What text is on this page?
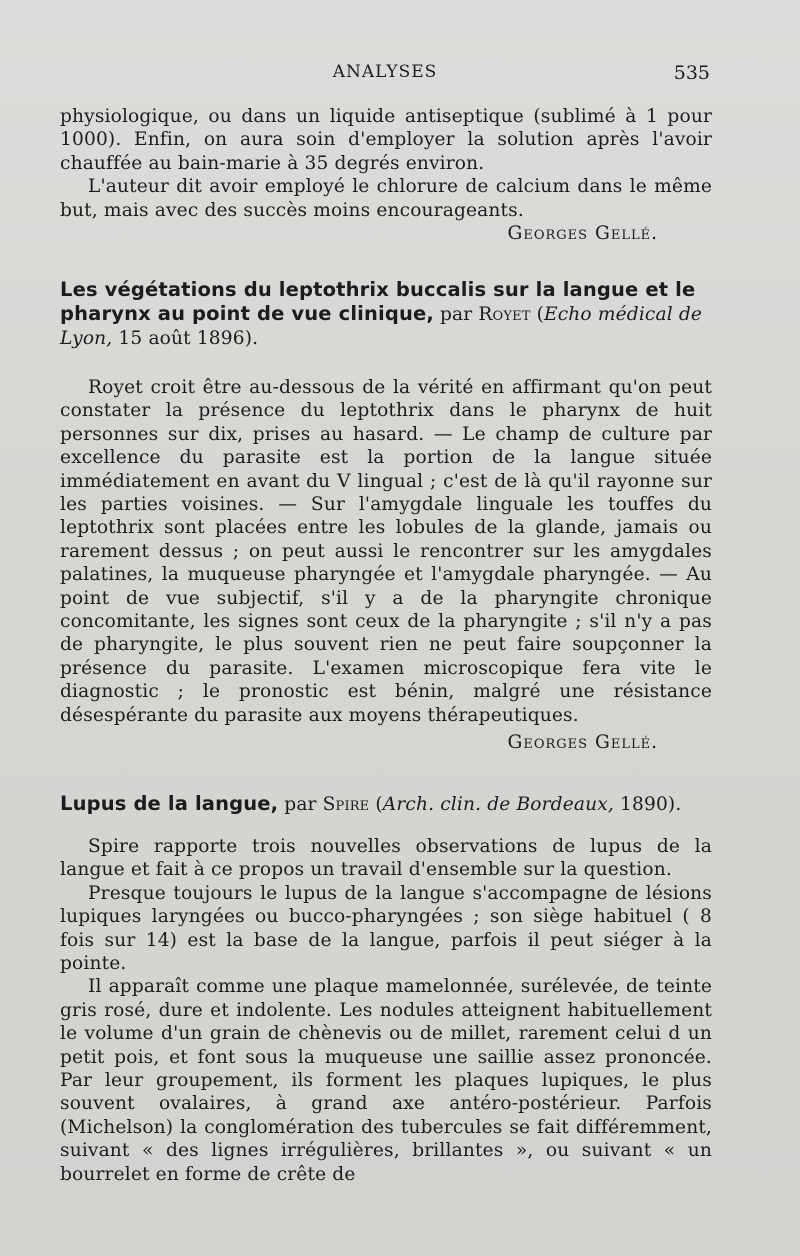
ANALYSES	535

physiologique, ou dans un liquide antiseptique (sublimé à 1 pour 1000). Enfin, on aura soin d'employer la solution après l'avoir chauffée au bain-marie à 35 degrés environ.

L'auteur dit avoir employé le chlorure de calcium dans le même but, mais avec des succès moins encourageants.

Georges Gellé.

Les végétations du leptothrix buccalis sur la langue et le pharynx au point de vue clinique, par Royet (Echo médical de Lyon, 15 août 1896).

Royet croit être au-dessous de la vérité en affirmant qu'on peut constater la présence du leptothrix dans le pharynx de huit personnes sur dix, prises au hasard. — Le champ de culture par excellence du parasite est la portion de la langue située immédiatement en avant du V lingual ; c'est de là qu'il rayonne sur les parties voisines. — Sur l'amygdale linguale les touffes du leptothrix sont placées entre les lobules de la glande, jamais ou rarement dessus ; on peut aussi le rencontrer sur les amygdales palatines, la muqueuse pharyngée et l'amygdale pharyngée. — Au point de vue subjectif, s'il y a de la pharyngite chronique concomitante, les signes sont ceux de la pharyngite ; s'il n'y a pas de pharyngite, le plus souvent rien ne peut faire soupçonner la présence du parasite. L'examen microscopique fera vite le diagnostic ; le pronostic est bénin, malgré une résistance désespérante du parasite aux moyens thérapeutiques.

Georges Gellé.

Lupus de la langue, par Spire (Arch. clin. de Bordeaux, 1890).

Spire rapporte trois nouvelles observations de lupus de la langue et fait à ce propos un travail d'ensemble sur la question.

Presque toujours le lupus de la langue s'accompagne de lésions lupiques laryngées ou bucco-pharyngées ; son siège habituel ( 8 fois sur 14) est la base de la langue, parfois il peut siéger à la pointe.

Il apparaît comme une plaque mamelonnée, surélevée, de teinte gris rosé, dure et indolente. Les nodules atteignent habituellement le volume d'un grain de chènevis ou de millet, rarement celui d un petit pois, et font sous la muqueuse une saillie assez prononcée. Par leur groupement, ils forment les plaques lupiques, le plus souvent ovalaires, à grand axe antéro-postérieur. Parfois (Michelson) la conglomération des tubercules se fait différemment, suivant « des lignes irrégulières, brillantes », ou suivant « un bourrelet en forme de crête de
